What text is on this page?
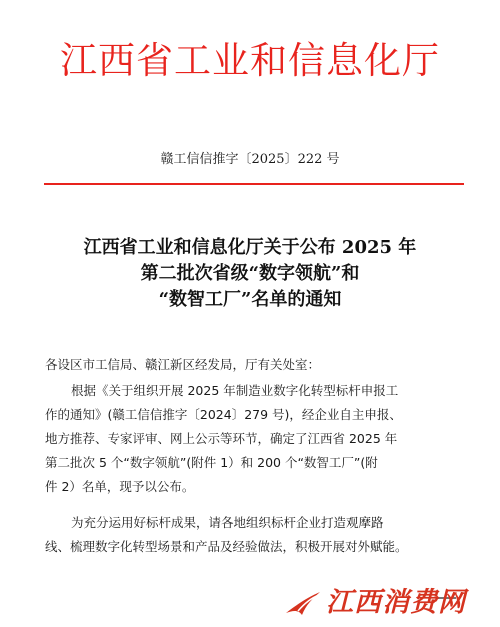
江西省工业和信息化厅
赣工信信推字〔2025〕222 号
江西省工业和信息化厅关于公布 2025 年
第二批次省级“数字领航”和
“数智工厂”名单的通知
各设区市工信局、赣江新区经发局，厅有关处室：
根据《关于组织开展 2025 年制造业数字化转型标杆申报工
作的通知》(赣工信信推字〔2024〕279 号)，经企业自主申报、
地方推荐、专家评审、网上公示等环节，确定了江西省 2025 年
第二批次 5 个“数字领航”(附件 1）和 200 个“数智工厂”(附
件 2）名单，现予以公布。
为充分运用好标杆成果，请各地组织标杆企业打造观摩路
线、梳理数字化转型场景和产品及经验做法，积极开展对外赋能。
江西消费网
